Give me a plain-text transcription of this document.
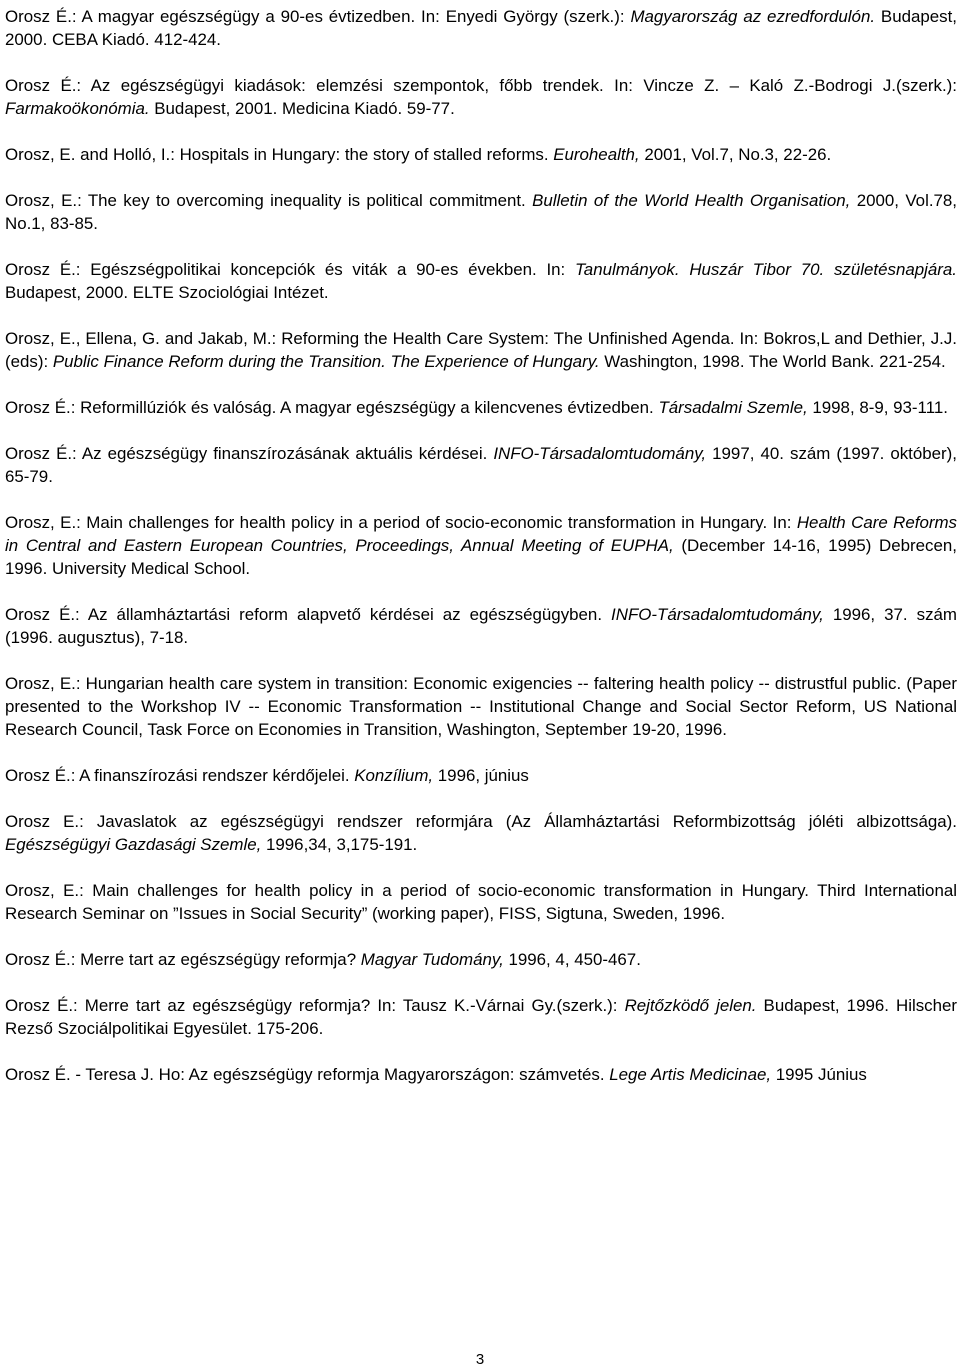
Orosz É.: A magyar egészségügy a 90-es évtizedben. In: Enyedi György (szerk.): Magyarország az ezredfordulón. Budapest, 2000. CEBA Kiadó. 412-424.

Orosz É.: Az egészségügyi kiadások: elemzési szempontok, főbb trendek. In: Vincze Z. – Kaló Z.-Bodrogi J.(szerk.): Farmakoökonómia. Budapest, 2001. Medicina Kiadó. 59-77.

Orosz, E. and Holló, I.: Hospitals in Hungary: the story of stalled reforms. Eurohealth, 2001, Vol.7, No.3, 22-26.

Orosz, E.: The key to overcoming inequality is political commitment. Bulletin of the World Health Organisation, 2000, Vol.78, No.1, 83-85.

Orosz É.: Egészségpolitikai koncepciók és viták a 90-es években. In: Tanulmányok. Huszár Tibor 70. születésnapjára. Budapest, 2000. ELTE Szociológiai Intézet.

Orosz, E., Ellena, G. and Jakab, M.: Reforming the Health Care System: The Unfinished Agenda. In: Bokros,L and Dethier, J.J. (eds): Public Finance Reform during the Transition. The Experience of Hungary. Washington, 1998. The World Bank. 221-254.

Orosz É.: Reformillúziók és valóság. A magyar egészségügy a kilencvenes évtizedben. Társadalmi Szemle, 1998, 8-9, 93-111.

Orosz É.: Az egészségügy finanszírozásának aktuális kérdései. INFO-Társadalomtudomány, 1997, 40. szám (1997. október), 65-79.

Orosz, E.: Main challenges for health policy in a period of socio-economic transformation in Hungary. In: Health Care Reforms in Central and Eastern European Countries, Proceedings, Annual Meeting of EUPHA, (December 14-16, 1995) Debrecen, 1996. University Medical School.

Orosz É.: Az államháztartási reform alapvető kérdései az egészségügyben. INFO-Társadalomtudomány, 1996, 37. szám (1996. augusztus), 7-18.

Orosz, E.: Hungarian health care system in transition: Economic exigencies -- faltering health policy -- distrustful public. (Paper presented to the Workshop IV -- Economic Transformation -- Institutional Change and Social Sector Reform, US National Research Council, Task Force on Economies in Transition, Washington, September 19-20, 1996.

Orosz É.: A finanszírozási rendszer kérdőjelei. Konzílium, 1996, június

Orosz E.: Javaslatok az egészségügyi rendszer reformjára (Az Államháztartási Reformbizottság jóléti albizottsága). Egészségügyi Gazdasági Szemle, 1996,34, 3,175-191.

Orosz, E.: Main challenges for health policy in a period of socio-economic transformation in Hungary. Third International Research Seminar on ”Issues in Social Security” (working paper), FISS, Sigtuna, Sweden, 1996.

Orosz É.: Merre tart az egészségügy reformja? Magyar Tudomány, 1996, 4, 450-467.

Orosz É.: Merre tart az egészségügy reformja? In: Tausz K.-Várnai Gy.(szerk.): Rejtőzködő jelen. Budapest, 1996. Hilscher Rezső Szociálpolitikai Egyesület. 175-206.

Orosz É. - Teresa J. Ho: Az egészségügy reformja Magyarországon: számvetés. Lege Artis Medicinae, 1995 Június

3
